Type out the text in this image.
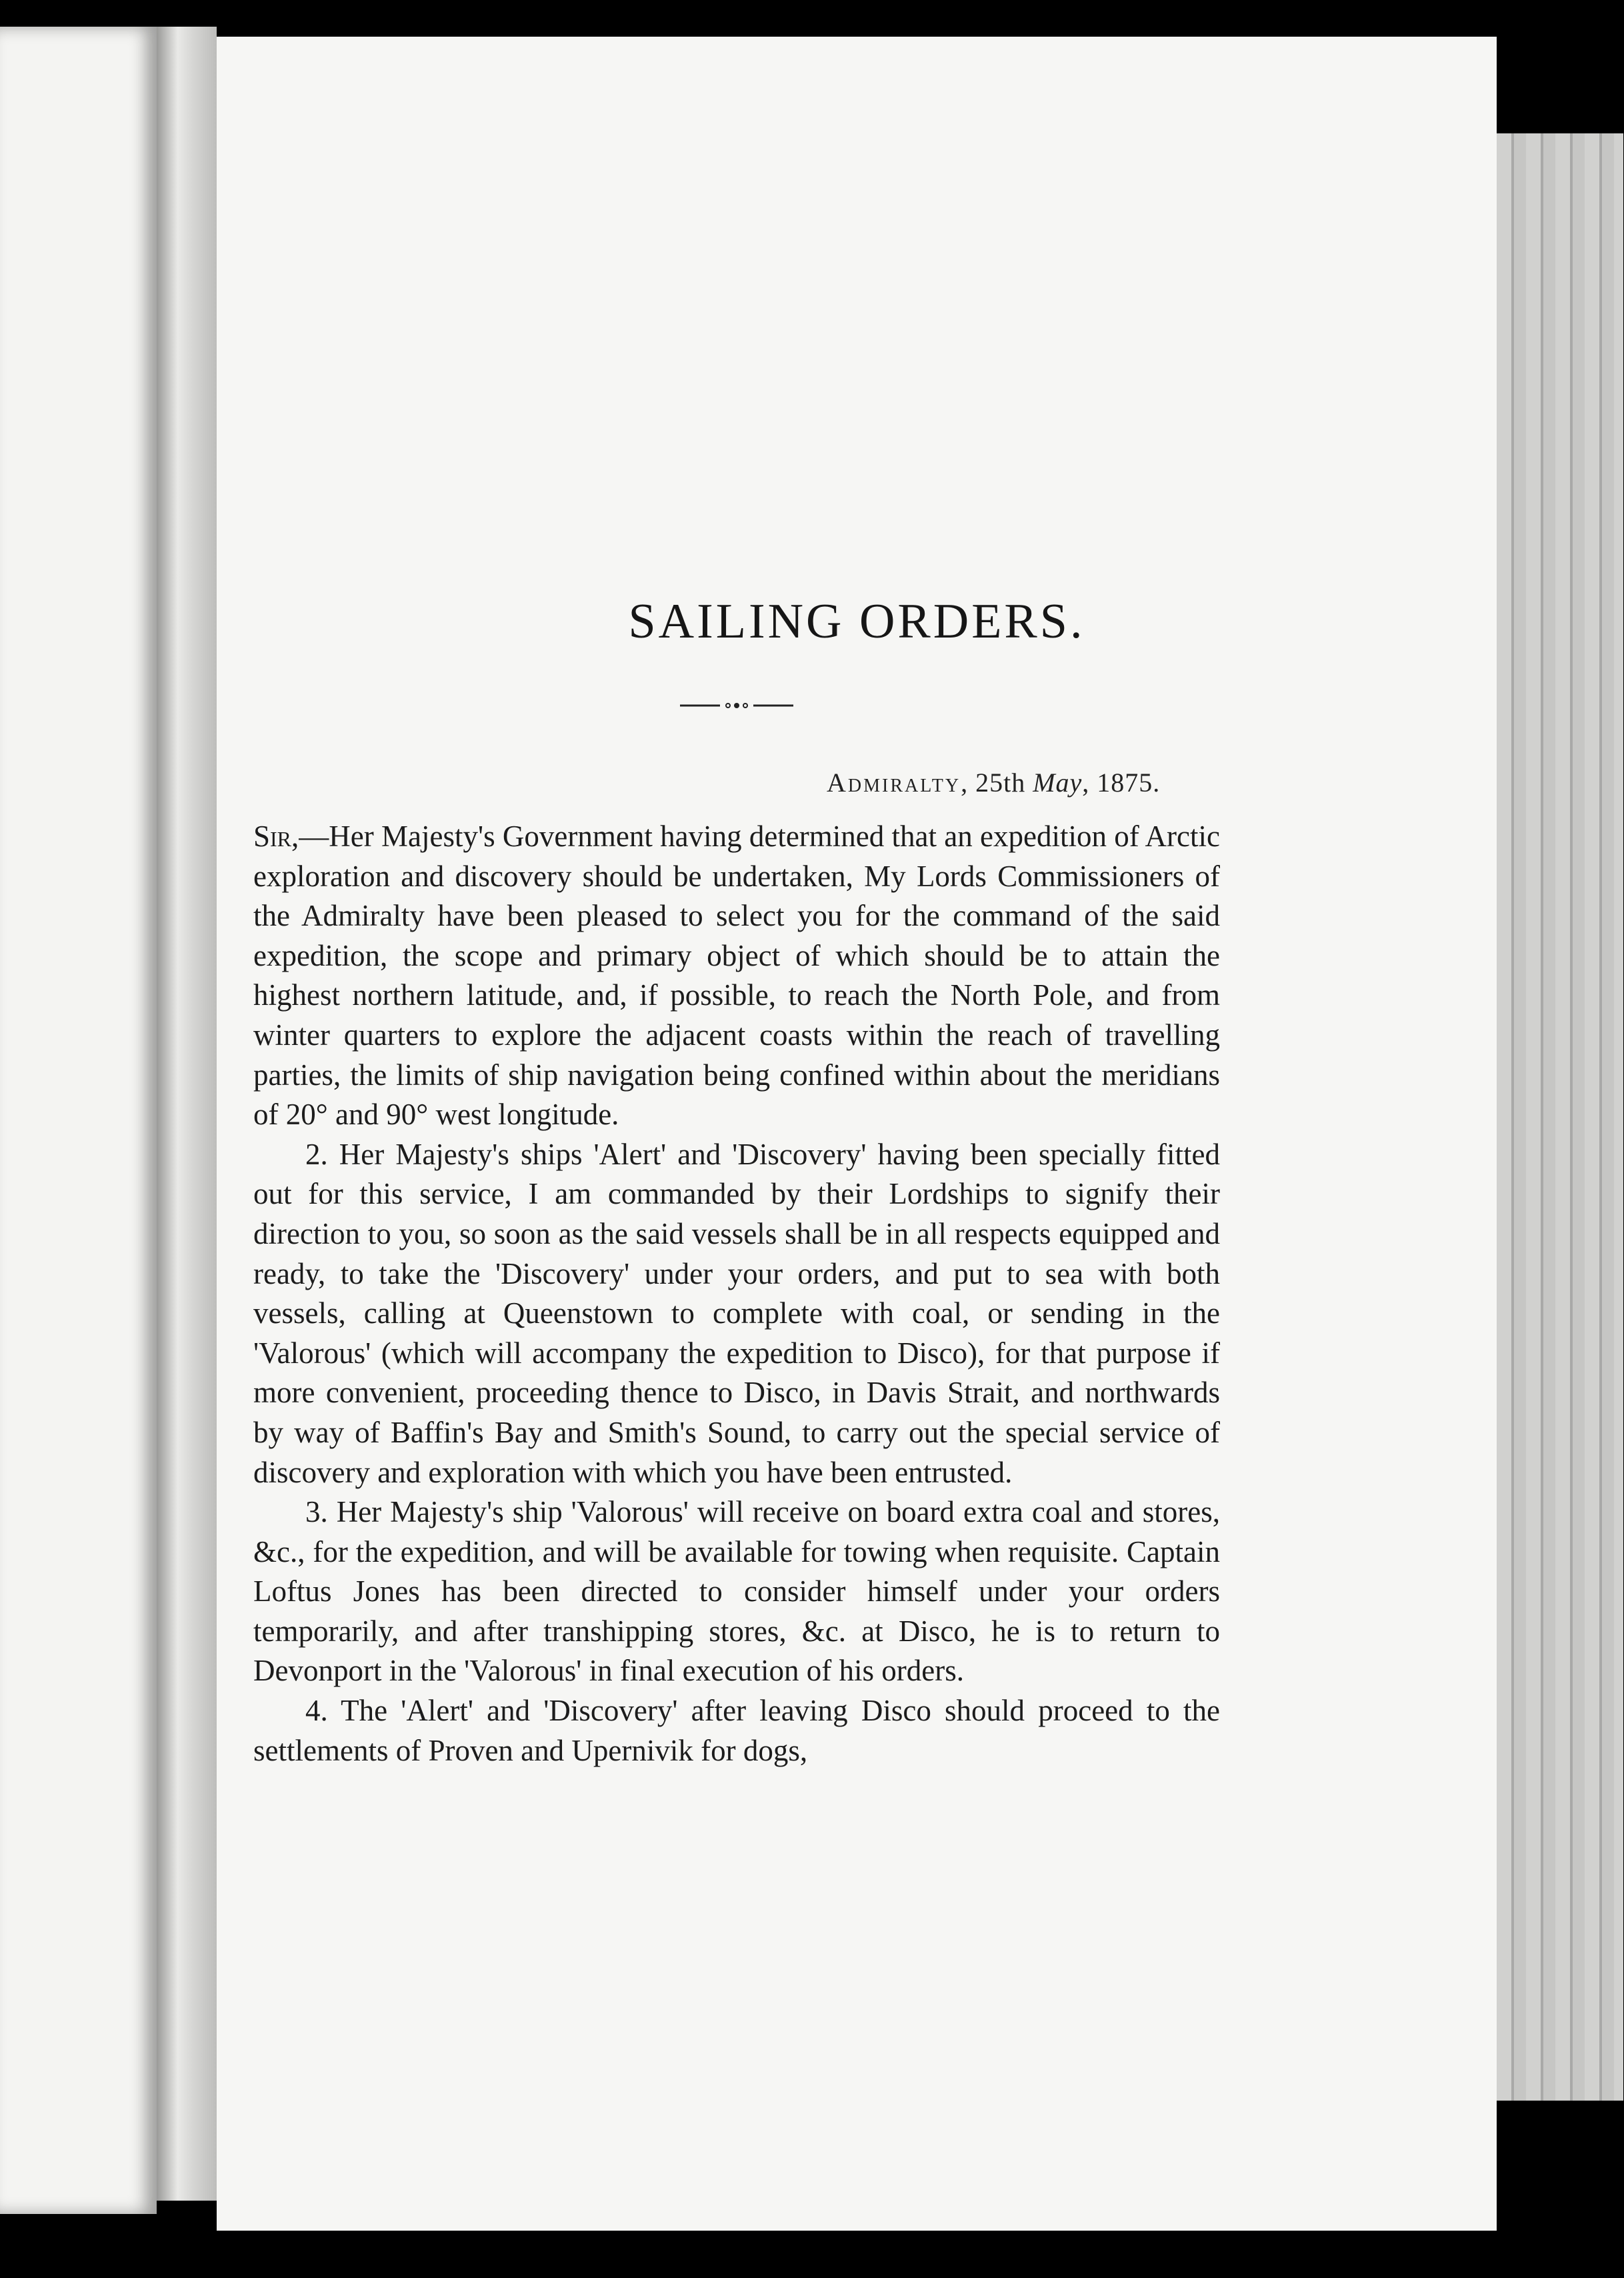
SAILING ORDERS.
Admiralty, 25th May, 1875.

Sir,—Her Majesty's Government having determined that an expedition of Arctic exploration and discovery should be undertaken, My Lords Commissioners of the Admiralty have been pleased to select you for the command of the said expedition, the scope and primary object of which should be to attain the highest northern latitude, and, if possible, to reach the North Pole, and from winter quarters to explore the adjacent coasts within the reach of travelling parties, the limits of ship navigation being confined within about the meridians of 20° and 90° west longitude.

2. Her Majesty's ships 'Alert' and 'Discovery' having been specially fitted out for this service, I am commanded by their Lordships to signify their direction to you, so soon as the said vessels shall be in all respects equipped and ready, to take the 'Discovery' under your orders, and put to sea with both vessels, calling at Queenstown to complete with coal, or sending in the 'Valorous' (which will accompany the expedition to Disco), for that purpose if more convenient, proceeding thence to Disco, in Davis Strait, and northwards by way of Baffin's Bay and Smith's Sound, to carry out the special service of discovery and exploration with which you have been entrusted.

3. Her Majesty's ship 'Valorous' will receive on board extra coal and stores, &c., for the expedition, and will be available for towing when requisite. Captain Loftus Jones has been directed to consider himself under your orders temporarily, and after transhipping stores, &c. at Disco, he is to return to Devonport in the 'Valorous' in final execution of his orders.

4. The 'Alert' and 'Discovery' after leaving Disco should proceed to the settlements of Proven and Upernivik for dogs,
